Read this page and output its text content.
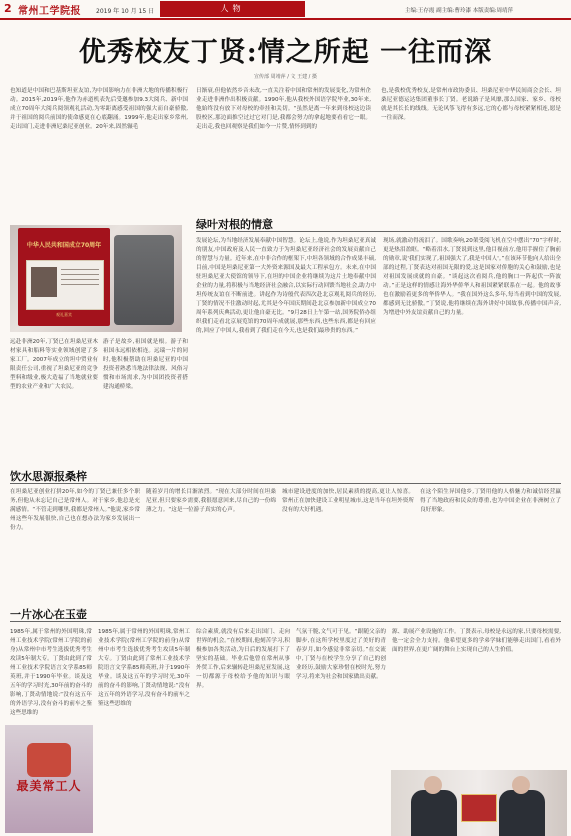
2 常州工学院报	2019 年 10 月 15 日	人物	主编:王存霞 副主编:曹玲漆 本版责编:周靖萍
优秀校友丁贤:情之所起 一往而深
宣传部 周靖萍 / 文 王建 / 摄
也知道是中国和巴基斯坦亚友谊,为中国影响力在非洲大地的传播积极行动。2015年,2019年,他作为赤道机表先后受邀参加9.3大阅兵、新中国成立70周年大阅兵阅领观礼活动,为零距离感受祖国的强大而自豪骄傲,并于祖国的阅兵前国的使命感更在心底翻涌。1999年,他走出家乡常州,走出国门,走进非洲尼桑尼亚创业。20年来,固然辗毛
日渐衰,但他依然乡音未改,一直关注着中国和常州的发展变化,为常州企业走进非洲作出积极贡献。1990年,他从我校外国语学院毕业,30年来,他始终没有放下对母校的牵挂和关切。“虽然是离一年来到母校这边读股校区,那边面推空过过它对门是,我都会努力的拿起地要看看它一眼。走出走,我也回观察是我们如今一片赞,情怀到到的
也,是我校优秀校友,是常州市政协委员、坦桑尼亚中华民间商会会长、坦桑尼亚德运达集团董事长丁贤。老说路子是风靡,那么国家、家乡、母校就是其长长的线线。无论风筝飞得有多远,它的心都与母校紧紧相连,愿是一往而深。
中华人民共和国成立70周年
观礼嘉宾
远赴非洲20年,丁贤已在坦桑尼亚木材家具和船料等实业领域创建了多家工厂。2007年成立的坦中贸业有限责任公司,重视了坦桑尼亚的竞争型料和级业,极大造福了当地就业要型的农业产业和广大农民。
游子是故乡,祖国就是根。游子和祖国永远相依相连。远瑞一片的同时,他积极帮助在坦桑尼亚的中国投资者熟悉当地法律法规、风俗习惯和市场需求,为中国团投资者搭建沟通桥梁。
绿叶对根的情意
发展论坛,为当地经济发展奉献中国智慧。论坛上,他说,作为坦桑尼亚真诚的朋友,中国政府及人民一直致力于为坦桑尼亚经济社会的发展贡献自己的智慧与力量。近年来,在中非合作的框架下,中坦各领域的合作成果丰硕,目前,中国是坦桑尼亚第一大外资来源国及最大工程承包方。未来,在中国驻坦桑尼亚大使馆的领导下,在坦的中国企业将继续为这片土地奉献中国企业的力量,将积极与当地经济社会融合,以实际行动回馈当地社会,助力中坦传统友谊在不断前进。讲起作为诗般代表四次赴北京观礼阅兵的经历,丁贤的情况不住激动时起,尤其是今年国庆期间赴北京参加新中国成立70周年系列庆典活动,更让他自豪无比。“9月28日上午第一站,国务院侨办组织我们走看北京展览馆的70周年成就展,那些东西,也些东西,都是有回应的,回应了中国人,我看到了我们走在今天,也是我们最珍贵的东西。”
现场,就激动得流泪了。国歌奏响,20架受阅飞机在空中摆出“70”字样时,更是热泪盈眶。“略着泪水,丁贤说到这里,他目视前方,他用手握住了胸前的勋章,说'我们实现了,祖国强大了,我是中国人'。”在该环节他向人给出全部的过程,丁贤表达对祖国无限的爱,这是国家对侨胞的关心和鼓励,也是对祖国发展成就的自豪。“谈起这次看阅兵,他的胸口一阵起伏一阵波动。”正是这样的情感让海外华侨华人和祖国紧紧联系在一起。他的故事也在激励着更多的华侨华人。“我在国外这么多年,每当看到中国的发展,都感到无比骄傲。”丁贤说,他将继续在海外讲好中国故事,传播中国声音,为增进中外友谊贡献自己的力量。
饮水思源报桑梓
在坦桑尼亚创业打拼20年,如今的丁贤已兼任多个职务,但他从未忘记自己是常州人。对于家乡,他总是充满感情。“不管走到哪里,我都是常州人。”他说,家乡常州这些年发展很快,自己也在想办法为家乡发展出一份力。
随着岁月的增长目渐浓烈。“现在大部分时间在坦桑尼亚,但只要家乡需要,我很愿意回来,尽自己的一份绵薄之力。“这是一位游子真实的心声。
城市建设进度的加快,居民素质的提高,更让人惊喜。常州正在加快建设工业明星城市,这是当年在坦外资所没有的大好机遇。
在这个陌生异国他乡,丁贤用他的人格魅力和诚信经营赢得了当地政府和民众的尊重,也为中国企业在非洲树立了良好形象。
一片冰心在玉壶
1985年,属于常州的外国明珠,常州工业技术学院(常州工学院的前身)从常州中市考生选拔优秀考生攻读5年制大专。丁贤由此到了常州工业技术学院语言文学系85师英班,并于1990年毕业。谈及这五年的学习时光,30年前的奋斗的影响,丁贤动情地说:“没有这五年的外语学习,没有奋斗的前车之鉴这些思维的
综合素质,就没有后来走出国门、走向世界的机会。”在校期间,他刻苦学习,积极参加各类活动,为日后的发展打下了坚实的基础。毕业后他曾在常州从事外贸工作,后来辗转赴坦桑尼亚发展,这一切都源于母校给予他的知识与眼界。
气氛干脆,文气可于见。“跟随父亲的脚步,在这所学校里度过了美好的青春岁月,如今感觉非常亲切。”在交流中,丁贤与在校学生分享了自己的创业经历,鼓励大家珍惜在校时光,努力学习,将来为社会和国家做出贡献。
源、助展产业设施的工作。丁贤表示,母校是永远的家,只要母校需要,他一定会全力支持。他希望更多的学弟学妹们能够走出国门,看看外面的世界,在更广阔的舞台上实现自己的人生价值。
1985年,属于常州的外国明珠,常州工业技术学院(常州工学院的前身)从常州中市考生选拔优秀考生攻读5年制大专。丁贤由此到了常州工业技术学院语言文学系85师英班,并于1990年毕业。谈及这五年的学习时光,30年前的奋斗的影响,丁贤动情地说:“没有这五年的外语学习,没有奋斗的前车之鉴这些思维的
最美常工人
